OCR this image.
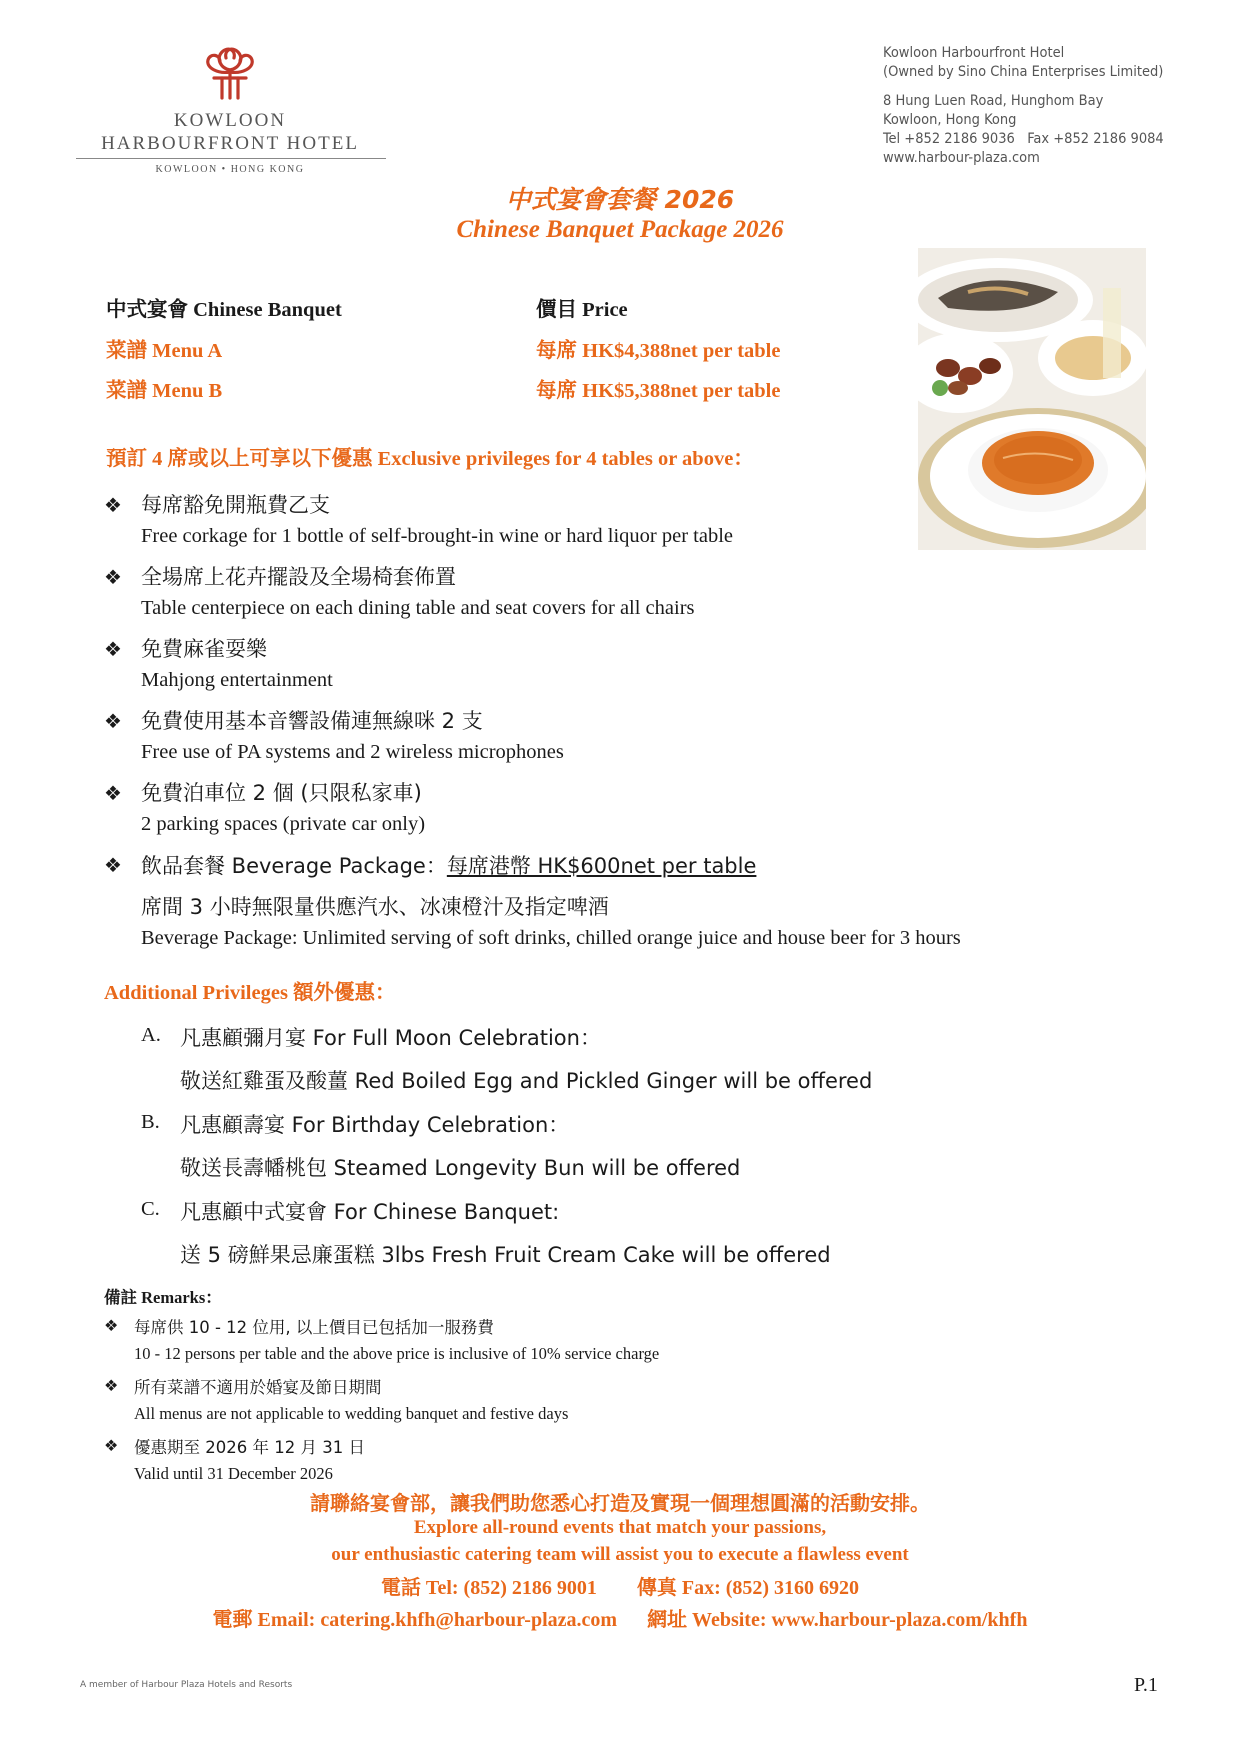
KOWLOON
HARBOURFRONT HOTEL
KOWLOON • HONG KONG
Kowloon Harbourfront Hotel
(Owned by Sino China Enterprises Limited)
8 Hung Luen Road, Hunghom Bay
Kowloon, Hong Kong
Tel +852 2186 9036   Fax +852 2186 9084
www.harbour-plaza.com
中式宴會套餐 2026
Chinese Banquet Package 2026
中式宴會 Chinese Banquet	價目 Price
菜譜 Menu A	每席 HK$4,388net per table
菜譜 Menu B	每席 HK$5,388net per table
預訂 4 席或以上可享以下優惠 Exclusive privileges for 4 tables or above：
❖ 每席豁免開瓶費乙支
Free corkage for 1 bottle of self-brought-in wine or hard liquor per table
❖ 全場席上花卉擺設及全場椅套佈置
Table centerpiece on each dining table and seat covers for all chairs
❖ 免費麻雀耍樂
Mahjong entertainment
❖ 免費使用基本音響設備連無線咪 2 支
Free use of PA systems and 2 wireless microphones
❖ 免費泊車位 2 個 (只限私家車)
2 parking spaces (private car only)
❖ 飲品套餐 Beverage Package：每席港幣 HK$600net per table
席間 3 小時無限量供應汽水、冰凍橙汁及指定啤酒
Beverage Package: Unlimited serving of soft drinks, chilled orange juice and house beer for 3 hours
Additional Privileges 額外優惠：
A. 凡惠顧彌月宴 For Full Moon Celebration：
敬送紅雞蛋及酸薑 Red Boiled Egg and Pickled Ginger will be offered
B. 凡惠顧壽宴 For Birthday Celebration：
敬送長壽幡桃包 Steamed Longevity Bun will be offered
C. 凡惠顧中式宴會 For Chinese Banquet:
送 5 磅鮮果忌廉蛋糕 3lbs Fresh Fruit Cream Cake will be offered
備註 Remarks：
❖ 每席供 10 - 12 位用, 以上價目已包括加一服務費
10 - 12 persons per table and the above price is inclusive of 10% service charge
❖ 所有菜譜不適用於婚宴及節日期間
All menus are not applicable to wedding banquet and festive days
❖ 優惠期至 2026 年 12 月 31 日
Valid until 31 December 2026
請聯絡宴會部，讓我們助您悉心打造及實現一個理想圓滿的活動安排。
Explore all-round events that match your passions,
our enthusiastic catering team will assist you to execute a flawless event
電話 Tel: (852) 2186 9001 傳真 Fax: (852) 3160 6920
電郵 Email: catering.khfh@harbour-plaza.com 網址 Website: www.harbour-plaza.com/khfh
A member of Harbour Plaza Hotels and Resorts	P.1
